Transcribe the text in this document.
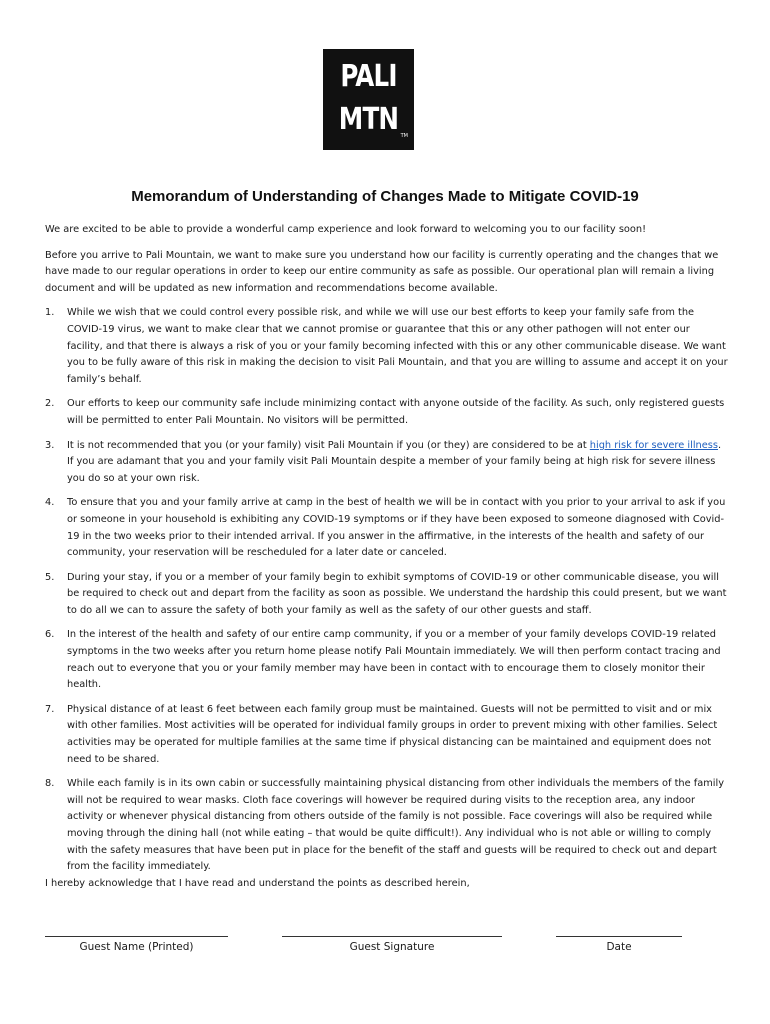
PALI
MTN TM
Memorandum of Understanding of Changes Made to Mitigate COVID-19

We are excited to be able to provide a wonderful camp experience and look forward to welcoming you to our facility soon!

Before you arrive to Pali Mountain, we want to make sure you understand how our facility is currently operating and the changes that we have made to our regular operations in order to keep our entire community as safe as possible. Our operational plan will remain a living document and will be updated as new information and recommendations become available.

1. While we wish that we could control every possible risk, and while we will use our best efforts to keep your family safe from the COVID-19 virus, we want to make clear that we cannot promise or guarantee that this or any other pathogen will not enter our facility, and that there is always a risk of you or your family becoming infected with this or any other communicable disease. We want you to be fully aware of this risk in making the decision to visit Pali Mountain, and that you are willing to assume and accept it on your family’s behalf.
2. Our efforts to keep our community safe include minimizing contact with anyone outside of the facility. As such, only registered guests will be permitted to enter Pali Mountain. No visitors will be permitted.
3. It is not recommended that you (or your family) visit Pali Mountain if you (or they) are considered to be at high risk for severe illness. If you are adamant that you and your family visit Pali Mountain despite a member of your family being at high risk for severe illness you do so at your own risk.
4. To ensure that you and your family arrive at camp in the best of health we will be in contact with you prior to your arrival to ask if you or someone in your household is exhibiting any COVID-19 symptoms or if they have been exposed to someone diagnosed with Covid-19 in the two weeks prior to their intended arrival. If you answer in the affirmative, in the interests of the health and safety of our community, your reservation will be rescheduled for a later date or canceled.
5. During your stay, if you or a member of your family begin to exhibit symptoms of COVID-19 or other communicable disease, you will be required to check out and depart from the facility as soon as possible. We understand the hardship this could present, but we want to do all we can to assure the safety of both your family as well as the safety of our other guests and staff.
6. In the interest of the health and safety of our entire camp community, if you or a member of your family develops COVID-19 related symptoms in the two weeks after you return home please notify Pali Mountain immediately. We will then perform contact tracing and reach out to everyone that you or your family member may have been in contact with to encourage them to closely monitor their health.
7. Physical distance of at least 6 feet between each family group must be maintained. Guests will not be permitted to visit and or mix with other families. Most activities will be operated for individual family groups in order to prevent mixing with other families. Select activities may be operated for multiple families at the same time if physical distancing can be maintained and equipment does not need to be shared.
8. While each family is in its own cabin or successfully maintaining physical distancing from other individuals the members of the family will not be required to wear masks. Cloth face coverings will however be required during visits to the reception area, any indoor activity or whenever physical distancing from others outside of the family is not possible. Face coverings will also be required while moving through the dining hall (not while eating – that would be quite difficult!). Any individual who is not able or willing to comply with the safety measures that have been put in place for the benefit of the staff and guests will be required to check out and depart from the facility immediately.

I hereby acknowledge that I have read and understand the points as described herein,

Guest Name (Printed)	Guest Signature	Date
